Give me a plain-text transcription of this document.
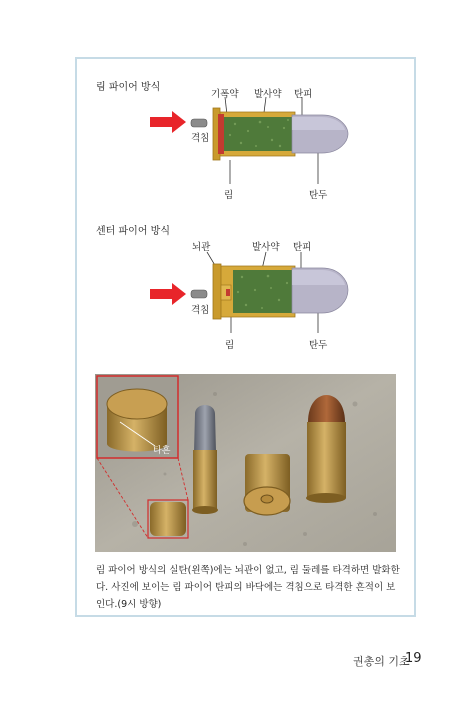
림 파이어 방식
기폭약 발사약 탄피
격침
림	탄두
센터 파이어 방식
뇌관	발사약 탄피
격침
림	탄두
타흔
림 파이어 방식의 실탄(왼쪽)에는 뇌관이 없고, 림 둘레를 타격하면 발화한다. 사진에 보이는 림 파이어 탄피의 바닥에는 격침으로 타격한 흔적이 보인다.(9시 방향)
권총의 기초
19
